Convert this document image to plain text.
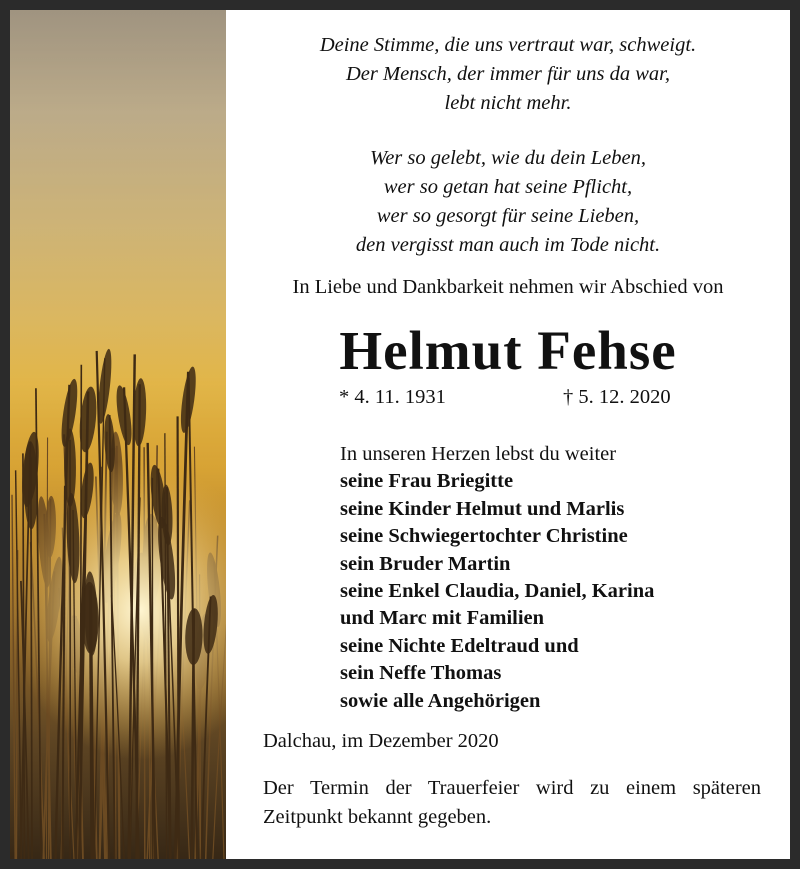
Deine Stimme, die uns vertraut war, schweigt.
Der Mensch, der immer für uns da war,
lebt nicht mehr.
Wer so gelebt, wie du dein Leben,
wer so getan hat seine Pflicht,
wer so gesorgt für seine Lieben,
den vergisst man auch im Tode nicht.
In Liebe und Dankbarkeit nehmen wir Abschied von
Helmut Fehse
* 4. 11. 1931	† 5. 12. 2020
In unseren Herzen lebst du weiter
seine Frau Briegitte
seine Kinder Helmut und Marlis
seine Schwiegertochter Christine
sein Bruder Martin
seine Enkel Claudia, Daniel, Karina
und Marc mit Familien
seine Nichte Edeltraud und
sein Neffe Thomas
sowie alle Angehörigen
Dalchau, im Dezember 2020
Der Termin der Trauerfeier wird zu einem späteren
Zeitpunkt bekannt gegeben.
